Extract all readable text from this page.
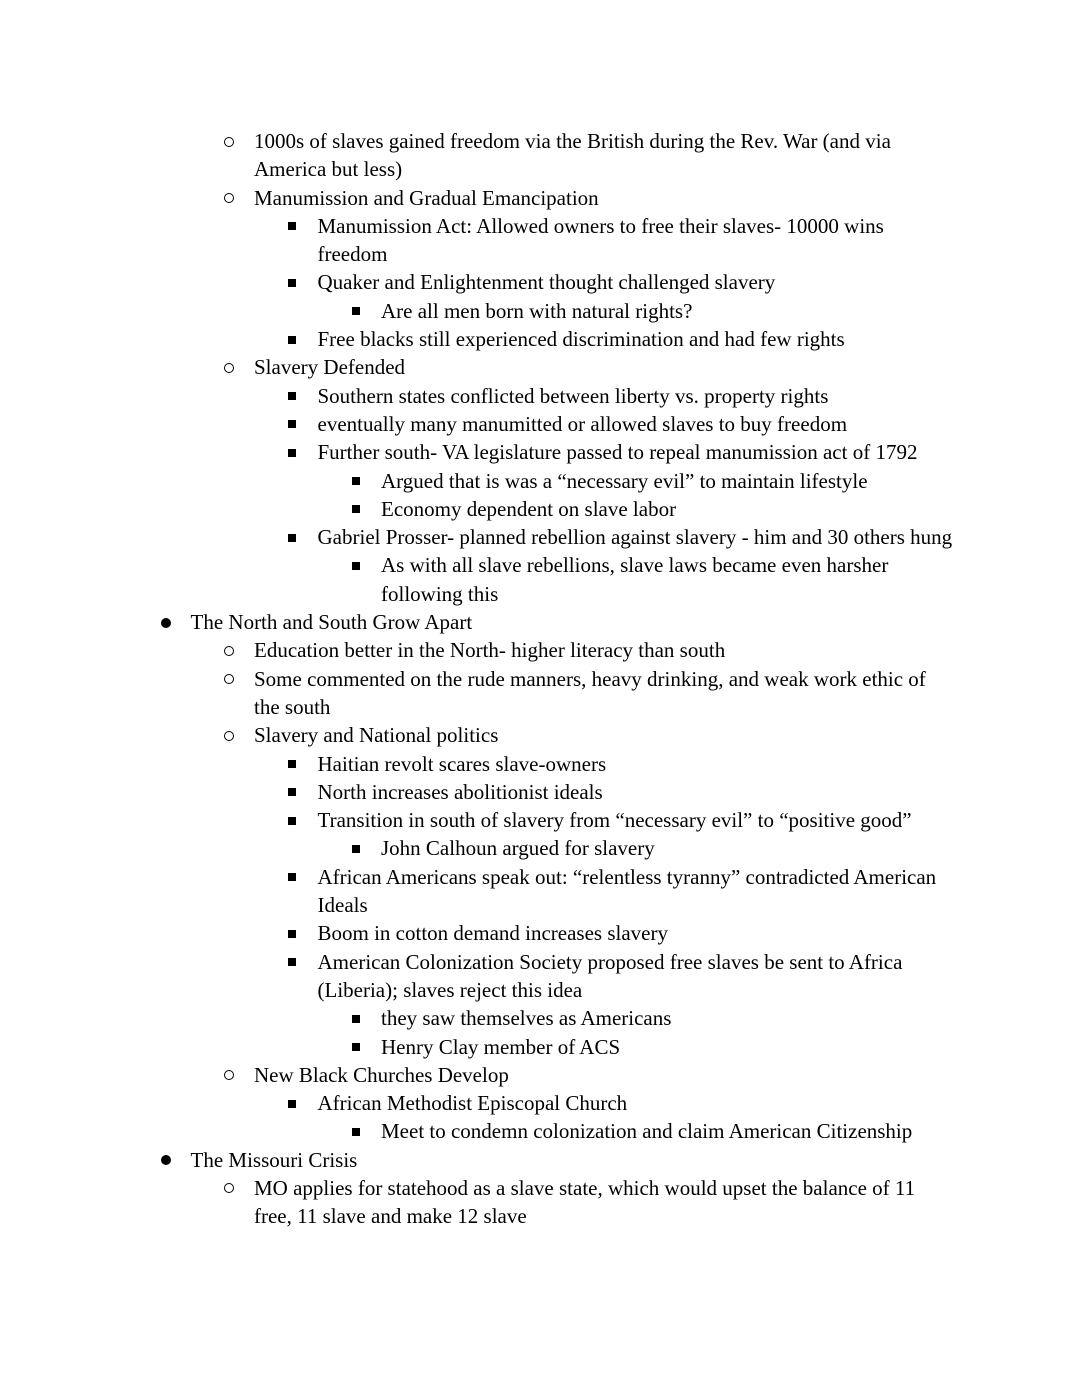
1000s of slaves gained freedom via the British during the Rev. War (and via America but less)
Manumission and Gradual Emancipation
Manumission Act: Allowed owners to free their slaves- 10000 wins freedom
Quaker and Enlightenment thought challenged slavery
Are all men born with natural rights?
Free blacks still experienced discrimination and had few rights
Slavery Defended
Southern states conflicted between liberty vs. property rights
eventually many manumitted or allowed slaves to buy freedom
Further south- VA legislature passed to repeal manumission act of 1792
Argued that is was a “necessary evil” to maintain lifestyle
Economy dependent on slave labor
Gabriel Prosser- planned rebellion against slavery - him and 30 others hung
As with all slave rebellions, slave laws became even harsher following this
The North and South Grow Apart
Education better in the North- higher literacy than south
Some commented on the rude manners, heavy drinking, and weak work ethic of the south
Slavery and National politics
Haitian revolt scares slave-owners
North increases abolitionist ideals
Transition in south of slavery from “necessary evil” to “positive good”
John Calhoun argued for slavery
African Americans speak out: “relentless tyranny” contradicted American Ideals
Boom in cotton demand increases slavery
American Colonization Society proposed free slaves be sent to Africa (Liberia); slaves reject this idea
they saw themselves as Americans
Henry Clay member of ACS
New Black Churches Develop
African Methodist Episcopal Church
Meet to condemn colonization and claim American Citizenship
The Missouri Crisis
MO applies for statehood as a slave state, which would upset the balance of 11 free, 11 slave and make 12 slave
